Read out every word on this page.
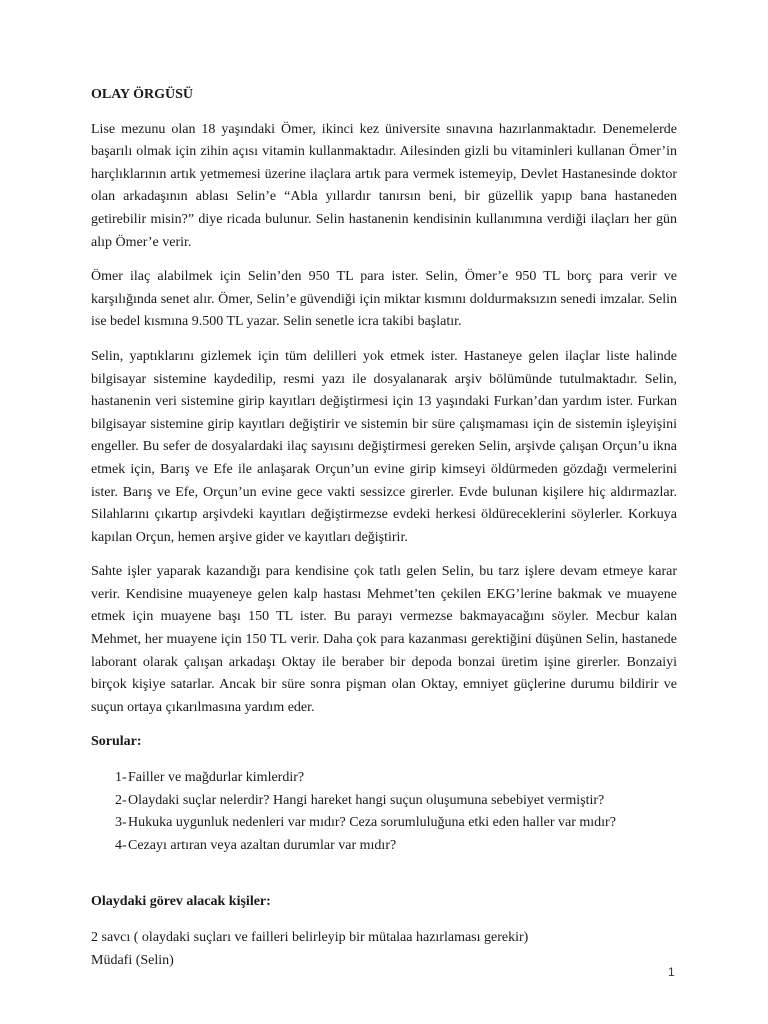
OLAY ÖRGÜSÜ

Lise mezunu olan 18 yaşındaki Ömer, ikinci kez üniversite sınavına hazırlanmaktadır. Denemelerde başarılı olmak için zihin açısı vitamin kullanmaktadır. Ailesinden gizli bu vitaminleri kullanan Ömer’in harçlıklarının artık yetmemesi üzerine ilaçlara artık para vermek istemeyip, Devlet Hastanesinde doktor olan arkadaşının ablası Selin’e “Abla yıllardır tanırsın beni, bir güzellik yapıp bana hastaneden getirebilir misin?” diye ricada bulunur. Selin hastanenin kendisinin kullanımına verdiği ilaçları her gün alıp Ömer’e verir.

Ömer ilaç alabilmek için Selin’den 950 TL para ister. Selin, Ömer’e 950 TL borç para verir ve karşılığında senet alır. Ömer, Selin’e güvendiği için miktar kısmını doldurmaksızın senedi imzalar. Selin ise bedel kısmına 9.500 TL yazar. Selin senetle icra takibi başlatır.

Selin, yaptıklarını gizlemek için tüm delilleri yok etmek ister. Hastaneye gelen ilaçlar liste halinde bilgisayar sistemine kaydedilip, resmi yazı ile dosyalanarak arşiv bölümünde tutulmaktadır. Selin, hastanenin veri sistemine girip kayıtları değiştirmesi için 13 yaşındaki Furkan’dan yardım ister. Furkan bilgisayar sistemine girip kayıtları değiştirir ve sistemin bir süre çalışmaması için de sistemin işleyişini engeller. Bu sefer de dosyalardaki ilaç sayısını değiştirmesi gereken Selin, arşivde çalışan Orçun’u ikna etmek için, Barış ve Efe ile anlaşarak Orçun’un evine girip kimseyi öldürmeden gözdağı vermelerini ister. Barış ve Efe, Orçun’un evine gece vakti sessizce girerler. Evde bulunan kişilere hiç aldırmazlar. Silahlarını çıkartıp arşivdeki kayıtları değiştirmezse evdeki herkesi öldüreceklerini söylerler. Korkuya kapılan Orçun, hemen arşive gider ve kayıtları değiştirir.

Sahte işler yaparak kazandığı para kendisine çok tatlı gelen Selin, bu tarz işlere devam etmeye karar verir. Kendisine muayeneye gelen kalp hastası Mehmet’ten çekilen EKG’lerine bakmak ve muayene etmek için muayene başı 150 TL ister. Bu parayı vermezse bakmayacağını söyler. Mecbur kalan Mehmet, her muayene için 150 TL verir. Daha çok para kazanması gerektiğini düşünen Selin, hastanede laborant olarak çalışan arkadaşı Oktay ile beraber bir depoda bonzai üretim işine girerler. Bonzaiyi birçok kişiye satarlar. Ancak bir süre sonra pişman olan Oktay, emniyet güçlerine durumu bildirir ve suçun ortaya çıkarılmasına yardım eder.

Sorular:

1- Failler ve mağdurlar kimlerdir?
2- Olaydaki suçlar nelerdir? Hangi hareket hangi suçun oluşumuna sebebiyet vermiştir?
3- Hukuka uygunluk nedenleri var mıdır? Ceza sorumluluğuna etki eden haller var mıdır?
4- Cezayı artıran veya azaltan durumlar var mıdır?

Olaydaki görev alacak kişiler:

2 savcı ( olaydaki suçları ve failleri belirleyip bir mütalaa hazırlaması gerekir)

Müdafi (Selin)

1
